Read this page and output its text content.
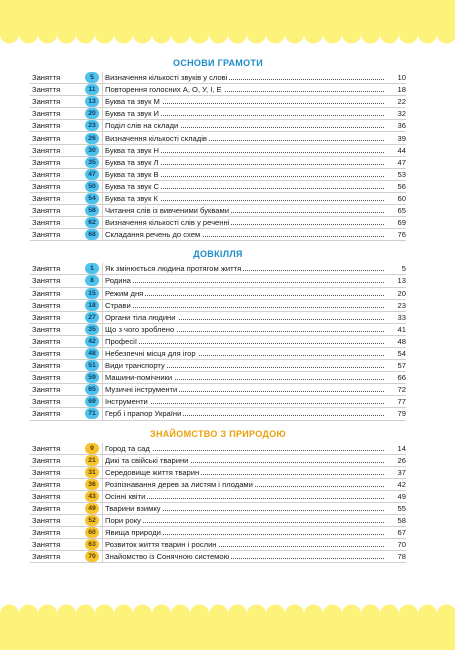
ОСНОВИ ГРАМОТИ
Заняття	5	Визначення кількості звуків у слові	10
Заняття	11	Повторення голосних А, О, У, І, Е	18
Заняття	13	Буква та звук М	22
Заняття	20	Буква та звук И	32
Заняття	23	Поділ слів на склади	36
Заняття	26	Визначення кількості складів	39
Заняття	30	Буква та звук Н	44
Заняття	35	Буква та звук Л	47
Заняття	47	Буква та звук В	53
Заняття	50	Буква та звук С	56
Заняття	54	Буква та звук К	60
Заняття	58	Читання слів із вивченими буквами	65
Заняття	62	Визначення кількості слів у реченні	69
Заняття	68	Складання речень до схем	76
ДОВКІЛЛЯ
Заняття	1	Як змінюється людина протягом життя	5
Заняття	8	Родина	13
Заняття	15	Режим дня	20
Заняття	18	Страви	23
Заняття	27	Органи тіла людини	33
Заняття	35	Що з чого зроблено	41
Заняття	42	Професії	48
Заняття	48	Небезпечні місця для ігор	54
Заняття	51	Види транспорту	57
Заняття	59	Машини-помічники	66
Заняття	65	Музичні інструменти	72
Заняття	69	Інструменти	77
Заняття	71	Герб і прапор України	79
ЗНАЙОМСТВО З ПРИРОДОЮ
Заняття	9	Город та сад	14
Заняття	21	Дикі та свійські тварини	26
Заняття	31	Середовище життя тварин	37
Заняття	36	Розпізнавання дерев за листям і плодами	42
Заняття	43	Осінні квіти	49
Заняття	49	Тварини взимку	55
Заняття	52	Пори року	58
Заняття	60	Явища природи	67
Заняття	63	Розвиток життя тварин і рослин	70
Заняття	70	Знайомство із Сонячною системою	78
